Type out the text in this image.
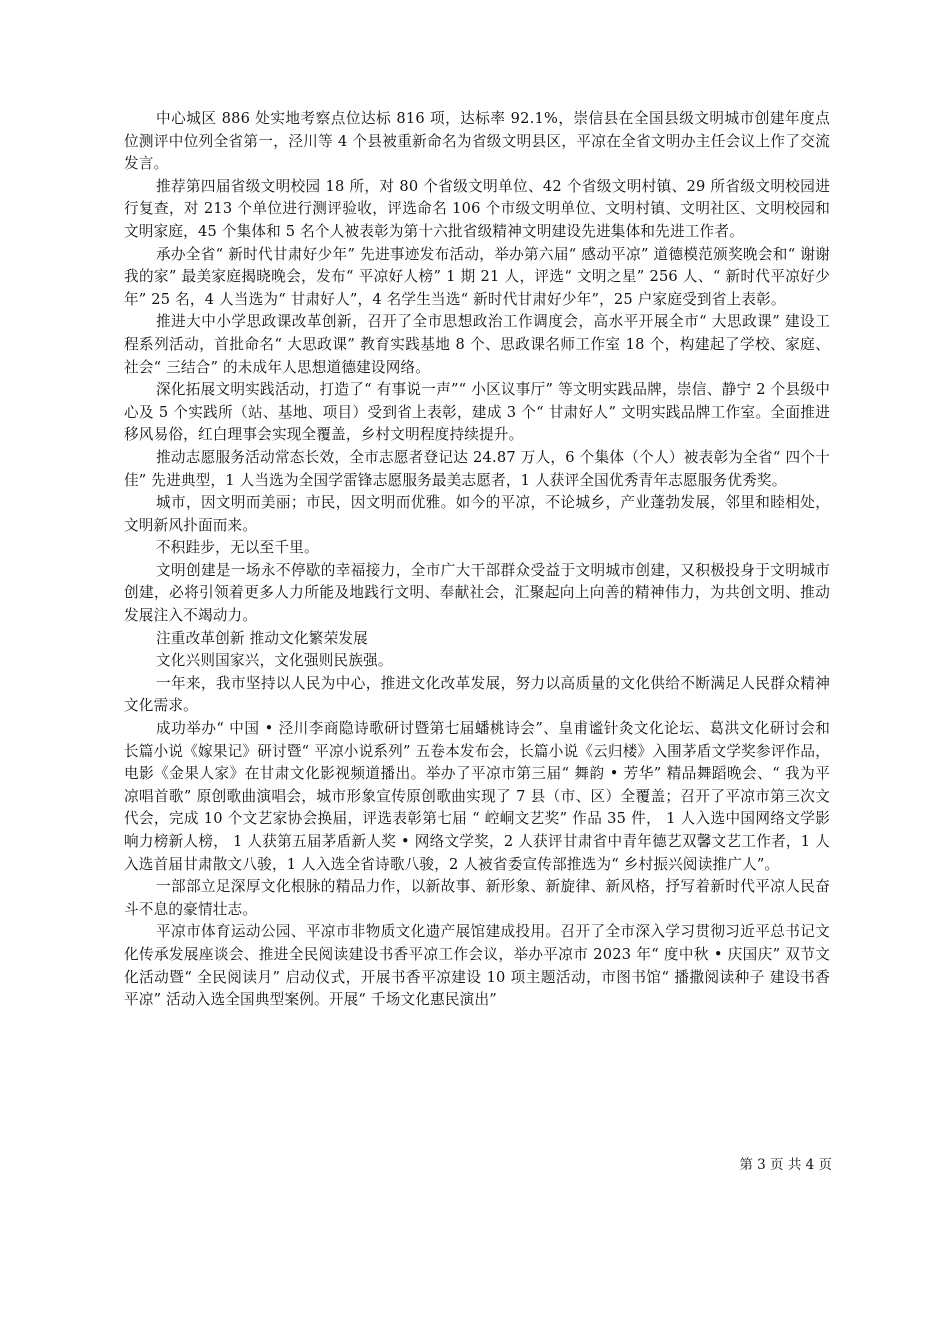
中心城区 886 处实地考察点位达标 816 项，达标率 92.1%，崇信县在全国县级文明城市创建年度点位测评中位列全省第一，泾川等 4 个县被重新命名为省级文明县区，平凉在全省文明办主任会议上作了交流发言。

推荐第四届省级文明校园 18 所，对 80 个省级文明单位、42 个省级文明村镇、29 所省级文明校园进行复查，对 213 个单位进行测评验收，评选命名 106 个市级文明单位、文明村镇、文明社区、文明校园和文明家庭，45 个集体和 5 名个人被表彰为第十六批省级精神文明建设先进集体和先进工作者。

承办全省“ 新时代甘肃好少年” 先进事迹发布活动，举办第六届“ 感动平凉” 道德模范颁奖晚会和“ 谢谢我的家” 最美家庭揭晓晚会，发布“ 平凉好人榜” 1 期 21 人，评选“ 文明之星” 256 人、“ 新时代平凉好少年” 25 名，4 人当选为“ 甘肃好人”，4 名学生当选“ 新时代甘肃好少年”，25 户家庭受到省上表彰。

推进大中小学思政课改革创新，召开了全市思想政治工作调度会，高水平开展全市“ 大思政课” 建设工程系列活动，首批命名“ 大思政课” 教育实践基地 8 个、思政课名师工作室 18 个，构建起了学校、家庭、社会“ 三结合” 的未成年人思想道德建设网络。

深化拓展文明实践活动，打造了“ 有事说一声”“ 小区议事厅” 等文明实践品牌，崇信、静宁 2 个县级中心及 5 个实践所（站、基地、项目）受到省上表彰，建成 3 个“ 甘肃好人” 文明实践品牌工作室。全面推进移风易俗，红白理事会实现全覆盖，乡村文明程度持续提升。

推动志愿服务活动常态长效，全市志愿者登记达 24.87 万人，6 个集体（个人）被表彰为全省“ 四个十佳” 先进典型，1 人当选为全国学雷锋志愿服务最美志愿者，1 人获评全国优秀青年志愿服务优秀奖。

城市，因文明而美丽；市民，因文明而优雅。如今的平凉，不论城乡，产业蓬勃发展，邻里和睦相处，文明新风扑面而来。

不积跬步，无以至千里。

文明创建是一场永不停歇的幸福接力，全市广大干部群众受益于文明城市创建，又积极投身于文明城市创建，必将引领着更多人力所能及地践行文明、奉献社会，汇聚起向上向善的精神伟力，为共创文明、推动发展注入不竭动力。

注重改革创新 推动文化繁荣发展

文化兴则国家兴，文化强则民族强。

一年来，我市坚持以人民为中心，推进文化改革发展，努力以高质量的文化供给不断满足人民群众精神文化需求。

成功举办“ 中国 • 泾川李商隐诗歌研讨暨第七届蟠桃诗会”、皇甫谧针灸文化论坛、葛洪文化研讨会和长篇小说《嫁果记》研讨暨“ 平凉小说系列” 五卷本发布会，长篇小说《云归楼》入围茅盾文学奖参评作品，电影《金果人家》在甘肃文化影视频道播出。举办了平凉市第三届“ 舞韵 • 芳华” 精品舞蹈晚会、“ 我为平凉唱首歌” 原创歌曲演唱会，城市形象宣传原创歌曲实现了 7 县（市、区）全覆盖；召开了平凉市第三次文代会，完成 10 个文艺家协会换届，评选表彰第七届 “ 崆峒文艺奖” 作品 35 件， 1 人入选中国网络文学影响力榜新人榜， 1 人获第五届茅盾新人奖 • 网络文学奖，2 人获评甘肃省中青年德艺双馨文艺工作者，1 人入选首届甘肃散文八骏，1 人入选全省诗歌八骏，2 人被省委宣传部推选为“ 乡村振兴阅读推广人”。

一部部立足深厚文化根脉的精品力作，以新故事、新形象、新旋律、新风格，抒写着新时代平凉人民奋斗不息的豪情壮志。

平凉市体育运动公园、平凉市非物质文化遗产展馆建成投用。召开了全市深入学习贯彻习近平总书记文化传承发展座谈会、推进全民阅读建设书香平凉工作会议，举办平凉市 2023 年“ 度中秋 • 庆国庆” 双节文化活动暨“ 全民阅读月” 启动仪式，开展书香平凉建设 10 项主题活动，市图书馆“ 播撒阅读种子 建设书香平凉” 活动入选全国典型案例。开展“ 千场文化惠民演出”

第 3 页 共 4 页
